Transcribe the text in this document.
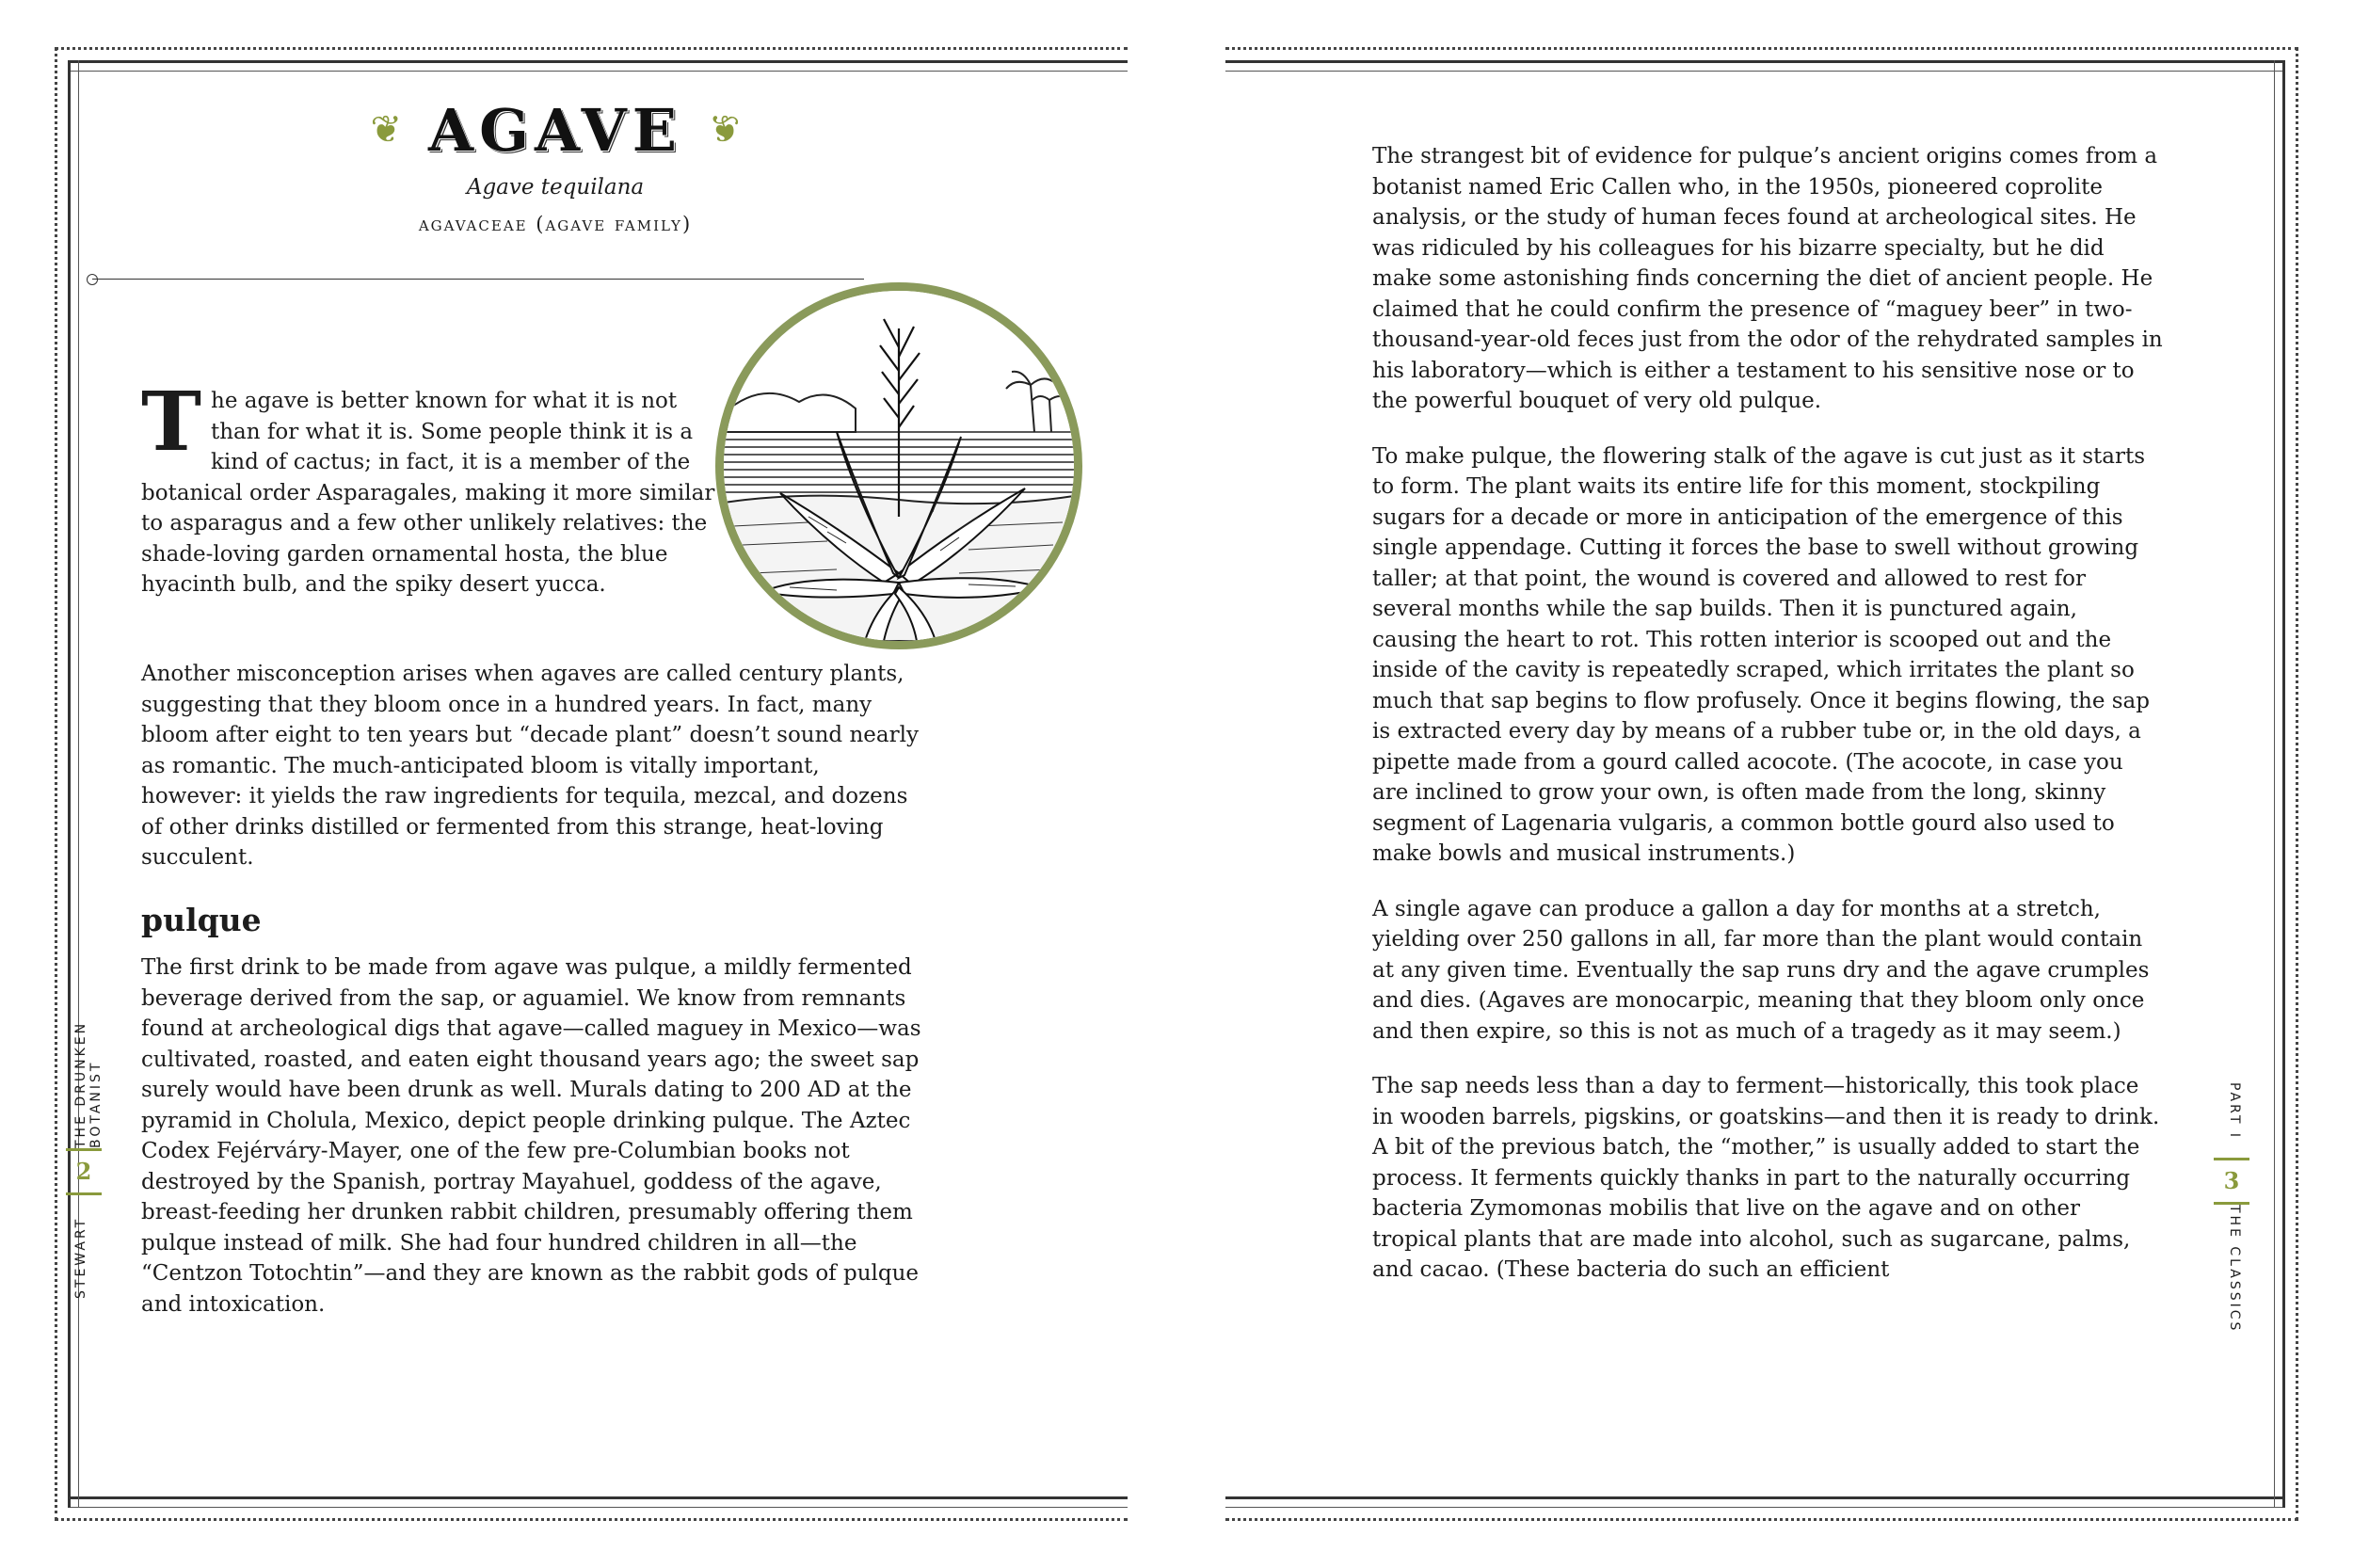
❦ AGAVE ❦
Agave tequilana
agavaceae (agave family)
The agave is better known for what it is not than for what it is. Some people think it is a kind of cactus; in fact, it is a member of the botanical order Asparagales, making it more similar to asparagus and a few other unlikely relatives: the shade-loving garden ornamental hosta, the blue hyacinth bulb, and the spiky desert yucca.
Another misconception arises when agaves are called century plants, suggesting that they bloom once in a hundred years. In fact, many bloom after eight to ten years but “decade plant” doesn’t sound nearly as romantic. The much-anticipated bloom is vitally important, however: it yields the raw ingredients for tequila, mezcal, and dozens of other drinks distilled or fermented from this strange, heat-loving succulent.
pulque
The first drink to be made from agave was pulque, a mildly fermented beverage derived from the sap, or aguamiel. We know from remnants found at archeological digs that agave—called maguey in Mexico—was cultivated, roasted, and eaten eight thousand years ago; the sweet sap surely would have been drunk as well. Murals dating to 200 AD at the pyramid in Cholula, Mexico, depict people drinking pulque. The Aztec Codex Fejérváry-Mayer, one of the few pre-Columbian books not destroyed by the Spanish, portray Mayahuel, goddess of the agave, breast-feeding her drunken rabbit children, presumably offering them pulque instead of milk. She had four hundred children in all—the “Centzon Totochtin”—and they are known as the rabbit gods of pulque and intoxication.
THE DRUNKEN BOTANIST
2
STEWART

The strangest bit of evidence for pulque’s ancient origins comes from a botanist named Eric Callen who, in the 1950s, pioneered coprolite analysis, or the study of human feces found at archeological sites. He was ridiculed by his colleagues for his bizarre specialty, but he did make some astonishing finds concerning the diet of ancient people. He claimed that he could confirm the presence of “maguey beer” in two-thousand-year-old feces just from the odor of the rehydrated samples in his laboratory—which is either a testament to his sensitive nose or to the powerful bouquet of very old pulque.

To make pulque, the flowering stalk of the agave is cut just as it starts to form. The plant waits its entire life for this moment, stockpiling sugars for a decade or more in anticipation of the emergence of this single appendage. Cutting it forces the base to swell without growing taller; at that point, the wound is covered and allowed to rest for several months while the sap builds. Then it is punctured again, causing the heart to rot. This rotten interior is scooped out and the inside of the cavity is repeatedly scraped, which irritates the plant so much that sap begins to flow profusely. Once it begins flowing, the sap is extracted every day by means of a rubber tube or, in the old days, a pipette made from a gourd called acocote. (The acocote, in case you are inclined to grow your own, is often made from the long, skinny segment of Lagenaria vulgaris, a common bottle gourd also used to make bowls and musical instruments.)

A single agave can produce a gallon a day for months at a stretch, yielding over 250 gallons in all, far more than the plant would contain at any given time. Eventually the sap runs dry and the agave crumples and dies. (Agaves are monocarpic, meaning that they bloom only once and then expire, so this is not as much of a tragedy as it may seem.)

The sap needs less than a day to ferment—historically, this took place in wooden barrels, pigskins, or goatskins—and then it is ready to drink. A bit of the previous batch, the “mother,” is usually added to start the process. It ferments quickly thanks in part to the naturally occurring bacteria Zymomonas mobilis that live on the agave and on other tropical plants that are made into alcohol, such as sugarcane, palms, and cacao. (These bacteria do such an efficient

PART I
3
THE CLASSICS
